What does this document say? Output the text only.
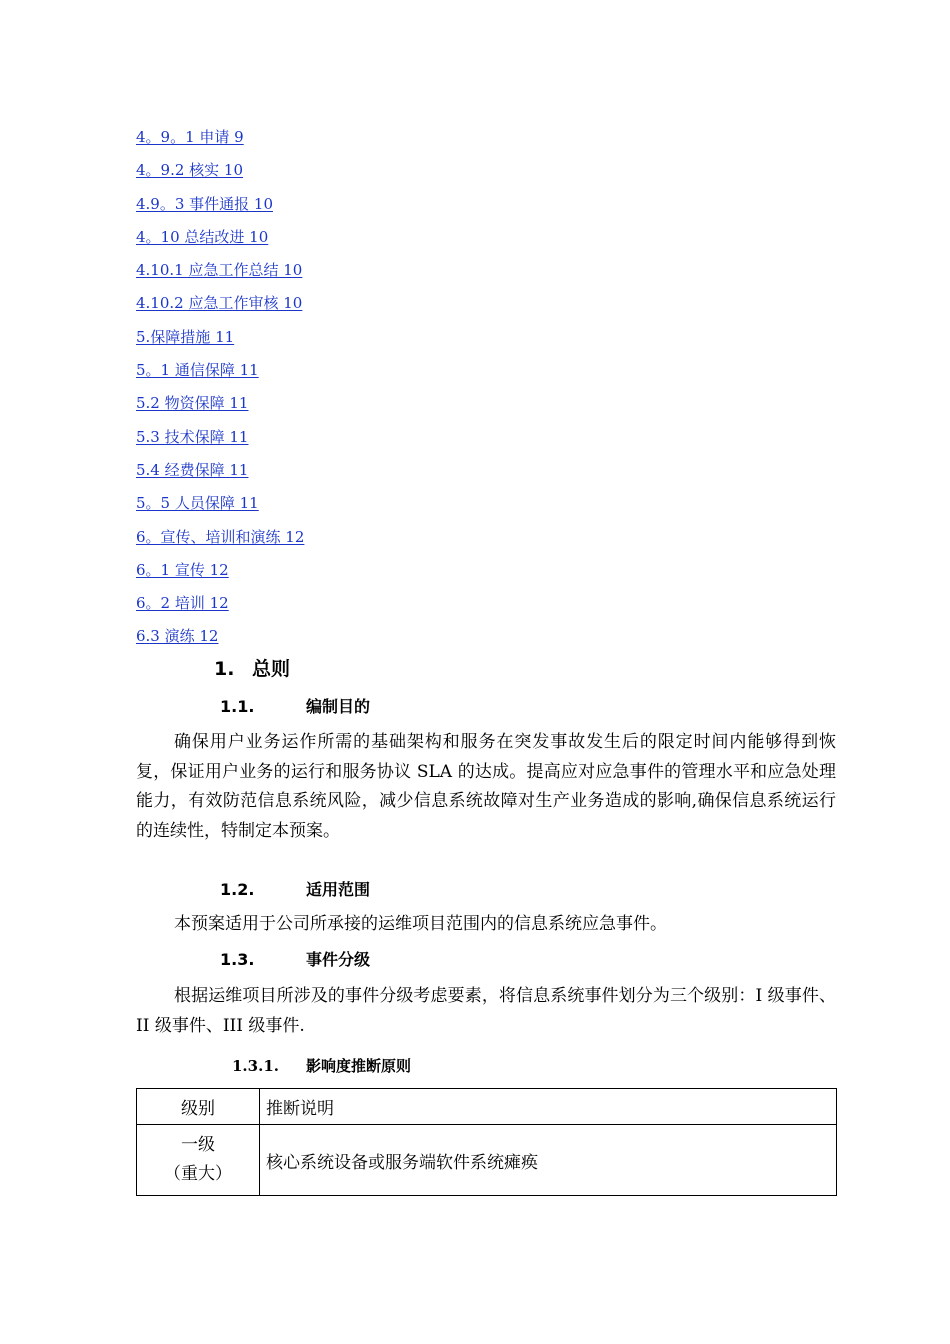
4。9。1 申请 9
4。9.2 核实 10
4.9。3 事件通报 10
4。10 总结改进 10
4.10.1 应急工作总结 10
4.10.2 应急工作审核 10
5.保障措施 11
5。1 通信保障 11
5.2 物资保障 11
5.3 技术保障 11
5.4 经费保障 11
5。5 人员保障 11
6。宣传、培训和演练 12
6。1 宣传 12
6。2 培训 12
6.3 演练 12
1. 总则
1.1.	编制目的

确保用户业务运作所需的基础架构和服务在突发事故发生后的限定时间内能够得到恢复，保证用户业务的运行和服务协议 SLA 的达成。提高应对应急事件的管理水平和应急处理能力，有效防范信息系统风险，减少信息系统故障对生产业务造成的影响,确保信息系统运行的连续性，特制定本预案。

1.2.	适用范围

本预案适用于公司所承接的运维项目范围内的信息系统应急事件。

1.3.	事件分级

根据运维项目所涉及的事件分级考虑要素，将信息系统事件划分为三个级别：I 级事件、II 级事件、III 级事件.

1.3.1. 影响度推断原则
级别	推断说明

一级
（重大）	核心系统设备或服务端软件系统瘫痪
